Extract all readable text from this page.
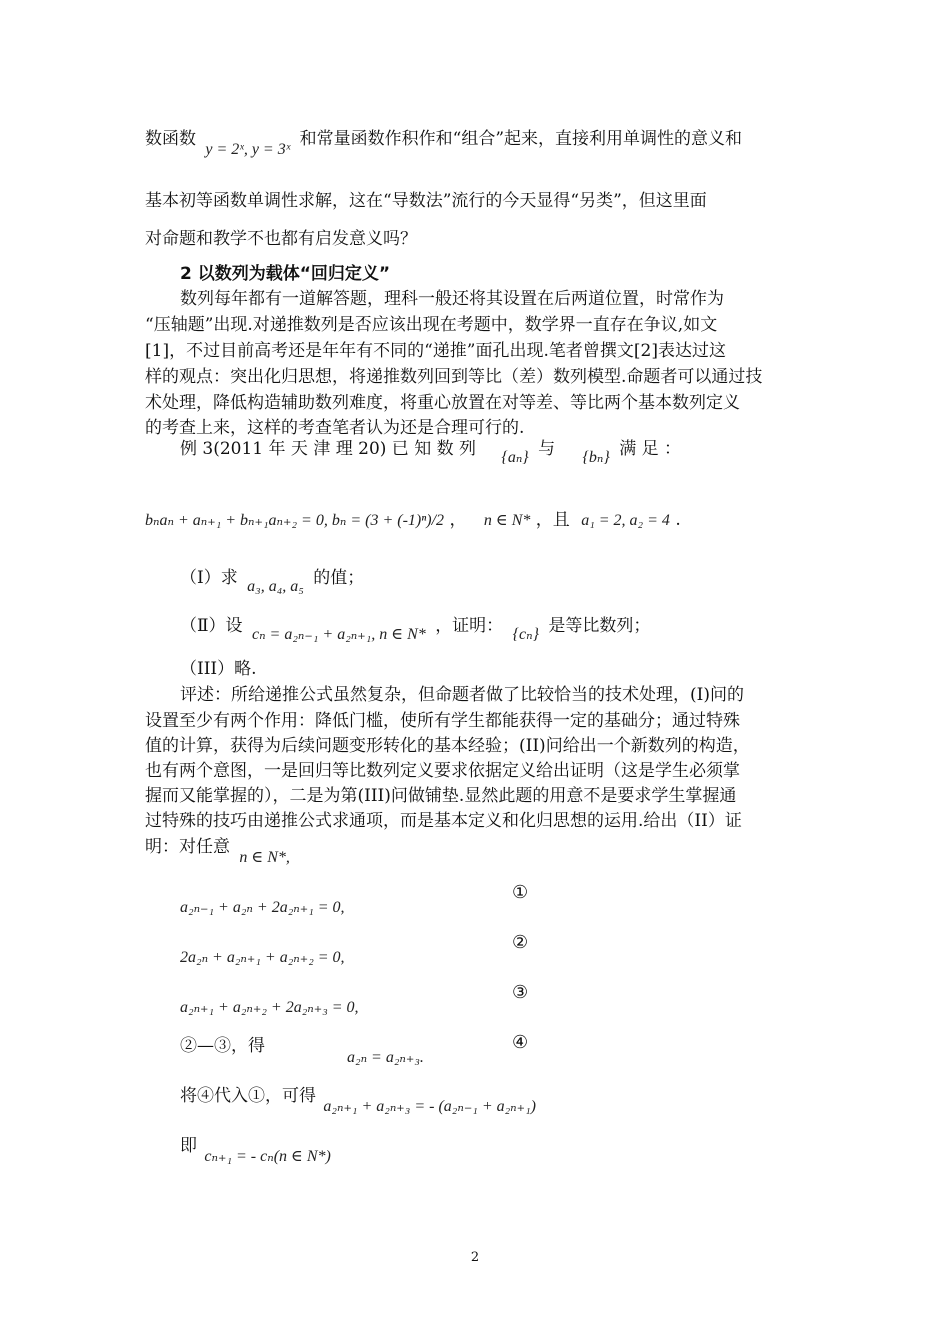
数函数 y = 2ˣ, y = 3ˣ 和常量函数作积作和“组合”起来，直接利用单调性的意义和
基本初等函数单调性求解，这在“导数法”流行的今天显得“另类”，但这里面
对命题和教学不也都有启发意义吗？
2 以数列为载体“回归定义”
数列每年都有一道解答题，理科一般还将其设置在后两道位置，时常作为
“压轴题”出现.对递推数列是否应该出现在考题中，数学界一直存在争议,如文
[1]，不过目前高考还是年年有不同的“递推”面孔出现.笔者曾撰文[2]表达过这
样的观点：突出化归思想，将递推数列回到等比（差）数列模型.命题者可以通过技
术处理，降低构造辅助数列难度，将重心放置在对等差、等比两个基本数列定义
的考查上来，这样的考查笔者认为还是合理可行的.
例 3(2011 年 天 津 理 20) 已 知 数 列 {aₙ} 与 {bₙ} 满 足 ：
bₙaₙ + aₙ₊₁ + bₙ₊₁aₙ₊₂ = 0, bₙ = (3 + (-1)ⁿ)/2 ， n ∈ N* ，且 a₁ = 2, a₂ = 4 .
（Ⅰ）求 a₃, a₄, a₅ 的值；
（Ⅱ）设 cₙ = a₂ₙ₋₁ + a₂ₙ₊₁, n ∈ N* ，证明： {cₙ} 是等比数列；
（III）略.
评述：所给递推公式虽然复杂，但命题者做了比较恰当的技术处理，(I)问的
设置至少有两个作用：降低门槛，使所有学生都能获得一定的基础分；通过特殊
值的计算，获得为后续问题变形转化的基本经验；(II)问给出一个新数列的构造，
也有两个意图，一是回归等比数列定义要求依据定义给出证明（这是学生必须掌
握而又能掌握的），二是为第(III)问做铺垫.显然此题的用意不是要求学生掌握通
过特殊的技巧由递推公式求通项，而是基本定义和化归思想的运用.给出（II）证
明：对任意 n ∈ N*,
a₂ₙ₋₁ + a₂ₙ + 2a₂ₙ₊₁ = 0,
①
2a₂ₙ + a₂ₙ₊₁ + a₂ₙ₊₂ = 0,
②
a₂ₙ₊₁ + a₂ₙ₊₂ + 2a₂ₙ₊₃ = 0,
③
②—③，得
a₂ₙ = a₂ₙ₊₃.
④
将④代入①，可得 a₂ₙ₊₁ + a₂ₙ₊₃ = - (a₂ₙ₋₁ + a₂ₙ₊₁)
即 cₙ₊₁ = - cₙ(n ∈ N*)
2
